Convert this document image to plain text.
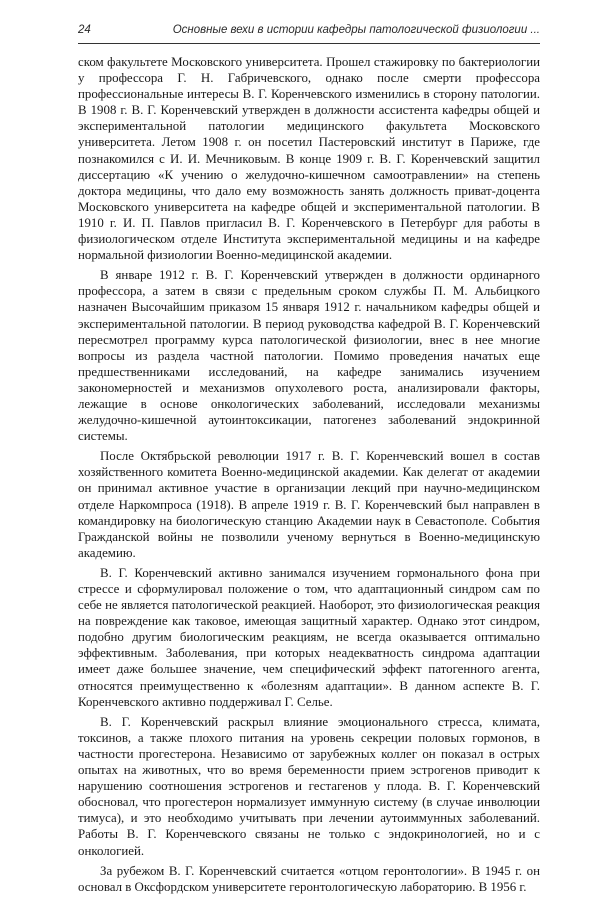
24	Основные вехи в истории кафедры патологической физиологии ...

ском факультете Московского университета. Прошел стажировку по бактериологии у профессора Г. Н. Габричевского, однако после смерти профессора профессиональные интересы В. Г. Коренчевского изменились в сторону патологии. В 1908 г. В. Г. Коренчевский утвержден в должности ассистента кафедры общей и экспериментальной патологии медицинского факультета Московского университета. Летом 1908 г. он посетил Пастеровский институт в Париже, где познакомился с И. И. Мечниковым. В конце 1909 г. В. Г. Коренчевский защитил диссертацию «К учению о желудочно-кишечном самоотравлении» на степень доктора медицины, что дало ему возможность занять должность приват-доцента Московского университета на кафедре общей и экспериментальной патологии. В 1910 г. И. П. Павлов пригласил В. Г. Коренчевского в Петербург для работы в физиологическом отделе Института экспериментальной медицины и на кафедре нормальной физиологии Военно-медицинской академии.

В январе 1912 г. В. Г. Коренчевский утвержден в должности ординарного профессора, а затем в связи с предельным сроком службы П. М. Альбицкого назначен Высочайшим приказом 15 января 1912 г. начальником кафедры общей и экспериментальной патологии. В период руководства кафедрой В. Г. Коренчевский пересмотрел программу курса патологической физиологии, внес в нее многие вопросы из раздела частной патологии. Помимо проведения начатых еще предшественниками исследований, на кафедре занимались изучением закономерностей и механизмов опухолевого роста, анализировали факторы, лежащие в основе онкологических заболеваний, исследовали механизмы желудочно-кишечной аутоинтоксикации, патогенез заболеваний эндокринной системы.

После Октябрьской революции 1917 г. В. Г. Коренчевский вошел в состав хозяйственного комитета Военно-медицинской академии. Как делегат от академии он принимал активное участие в организации лекций при научно-медицинском отделе Наркомпроса (1918). В апреле 1919 г. В. Г. Коренчевский был направлен в командировку на биологическую станцию Академии наук в Севастополе. События Гражданской войны не позволили ученому вернуться в Военно-медицинскую академию.

В. Г. Коренчевский активно занимался изучением гормонального фона при стрессе и сформулировал положение о том, что адаптационный синдром сам по себе не является патологической реакцией. Наоборот, это физиологическая реакция на повреждение как таковое, имеющая защитный характер. Однако этот синдром, подобно другим биологическим реакциям, не всегда оказывается оптимально эффективным. Заболевания, при которых неадекватность синдрома адаптации имеет даже большее значение, чем специфический эффект патогенного агента, относятся преимущественно к «болезням адаптации». В данном аспекте В. Г. Коренчевского активно поддерживал Г. Селье.

В. Г. Коренчевский раскрыл влияние эмоционального стресса, климата, токсинов, а также плохого питания на уровень секреции половых гормонов, в частности прогестерона. Независимо от зарубежных коллег он показал в острых опытах на животных, что во время беременности прием эстрогенов приводит к нарушению соотношения эстрогенов и гестагенов у плода. В. Г. Коренчевский обосновал, что прогестерон нормализует иммунную систему (в случае инволюции тимуса), и это необходимо учитывать при лечении аутоиммунных заболеваний. Работы В. Г. Коренчевского связаны не только с эндокринологией, но и с онкологией.

За рубежом В. Г. Коренчевский считается «отцом геронтологии». В 1945 г. он основал в Оксфордском университете геронтологическую лабораторию. В 1956 г.
